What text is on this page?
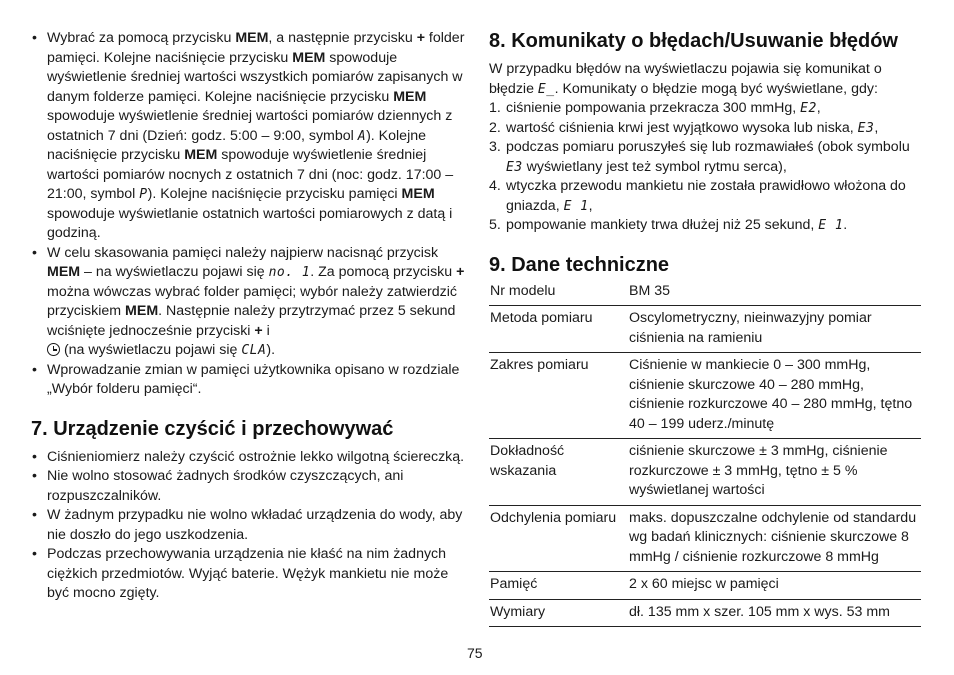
• Wybrać za pomocą przycisku MEM, a następnie przycisku + folder pamięci. Kolejne naciśnięcie przycisku MEM spowoduje wyświetlenie średniej wartości wszystkich pomiarów zapisanych w danym folderze pamięci. Kolejne naciśnięcie przycisku MEM spowoduje wyświetlenie średniej wartości pomiarów dziennych z ostatnich 7 dni (Dzień: godz. 5:00 – 9:00, symbol A). Kolejne naciśnięcie przycisku MEM spowoduje wyświetlenie średniej wartości pomiarów nocnych z ostatnich 7 dni (noc: godz. 17:00 – 21:00, symbol P). Kolejne naciśnięcie przycisku pamięci MEM spowoduje wyświetlanie ostatnich wartości pomiarowych z datą i godziną.
• W celu skasowania pamięci należy najpierw nacisnąć przycisk MEM – na wyświetlaczu pojawi się no. 1. Za pomocą przycisku + można wówczas wybrać folder pamięci; wybór należy zatwierdzić przyciskiem MEM. Następnie należy przytrzymać przez 5 sekund wciśnięte jednocześnie przyciski + i
(na wyświetlaczu pojawi się CLA).
• Wprowadzanie zmian w pamięci użytkownika opisano w rozdziale „Wybór folderu pamięci“.
7. Urządzenie czyścić i przechowywać
• Ciśnieniomierz należy czyścić ostrożnie lekko wilgotną ściereczką.
• Nie wolno stosować żadnych środków czyszczących, ani rozpuszczalników.
• W żadnym przypadku nie wolno wkładać urządzenia do wody, aby nie doszło do jego uszkodzenia.
• Podczas przechowywania urządzenia nie kłaść na nim żadnych ciężkich przedmiotów. Wyjąć baterie. Wężyk mankietu nie może być mocno zgięty.
8. Komunikaty o błędach/Usuwanie błędów
W przypadku błędów na wyświetlaczu pojawia się komunikat o błędzie E_. Komunikaty o błędzie mogą być wyświetlane, gdy:
1. ciśnienie pompowania przekracza 300 mmHg, E2,
2. wartość ciśnienia krwi jest wyjątkowo wysoka lub niska, E3,
3. podczas pomiaru poruszyłeś się lub rozmawiałeś (obok symbolu E3 wyświetlany jest też symbol rytmu serca),
4. wtyczka przewodu mankietu nie została prawidłowo włożona do gniazda, E 1,
5. pompowanie mankiety trwa dłużej niż 25 sekund, E 1.
9. Dane techniczne
Nr modelu	BM 35
Metoda pomiaru	Oscylometryczny, nieinwazyjny pomiar ciśnienia na ramieniu
Zakres pomiaru	Ciśnienie w mankiecie 0 – 300 mmHg, ciśnienie skurczowe 40 – 280 mmHg, ciśnienie rozkurczowe 40 – 280 mmHg, tętno 40 – 199 uderz./minutę
Dokładność wskazania	ciśnienie skurczowe ± 3 mmHg, ciśnienie rozkurczowe ± 3 mmHg, tętno ± 5 % wyświetlanej wartości
Odchylenia pomiaru	maks. dopuszczalne odchylenie od standardu wg badań klinicznych: ciśnienie skurczowe 8 mmHg / ciśnienie rozkurczowe 8 mmHg
Pamięć	2 x 60 miejsc w pamięci
Wymiary	dł. 135 mm x szer. 105 mm x wys. 53 mm
75
